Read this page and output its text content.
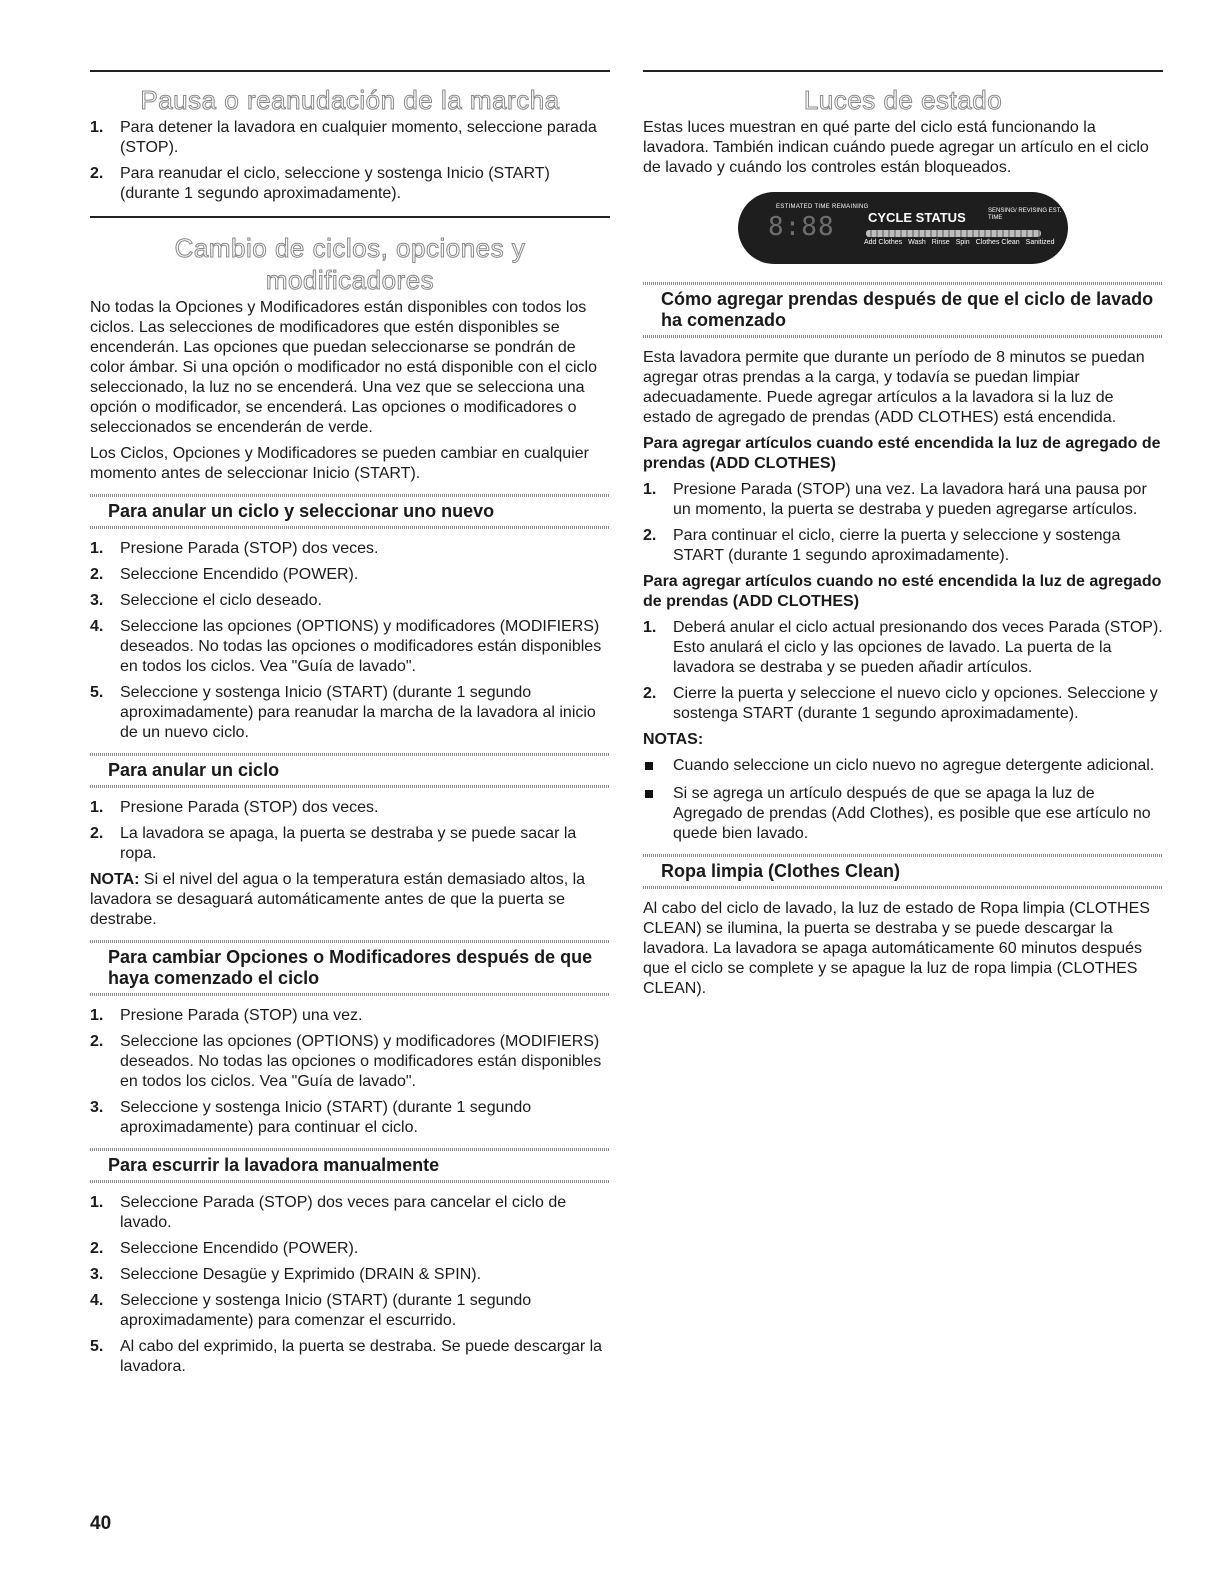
Pausa o reanudación de la marcha
1. Para detener la lavadora en cualquier momento, seleccione parada (STOP).
2. Para reanudar el ciclo, seleccione y sostenga Inicio (START) (durante 1 segundo aproximadamente).
Cambio de ciclos, opciones y
modificadores

No todas la Opciones y Modificadores están disponibles con todos los ciclos. Las selecciones de modificadores que estén disponibles se encenderán. Las opciones que puedan seleccionarse se pondrán de color ámbar. Si una opción o modificador no está disponible con el ciclo seleccionado, la luz no se encenderá. Una vez que se selecciona una opción o modificador, se encenderá. Las opciones o modificadores o seleccionados se encenderán de verde.

Los Ciclos, Opciones y Modificadores se pueden cambiar en cualquier momento antes de seleccionar Inicio (START).

Para anular un ciclo y seleccionar uno nuevo
1. Presione Parada (STOP) dos veces.
2. Seleccione Encendido (POWER).
3. Seleccione el ciclo deseado.
4. Seleccione las opciones (OPTIONS) y modificadores (MODIFIERS) deseados. No todas las opciones o modificadores están disponibles en todos los ciclos. Vea "Guía de lavado".
5. Seleccione y sostenga Inicio (START) (durante 1 segundo aproximadamente) para reanudar la marcha de la lavadora al inicio de un nuevo ciclo.
Para anular un ciclo
1. Presione Parada (STOP) dos veces.
2. La lavadora se apaga, la puerta se destraba y se puede sacar la ropa.

NOTA: Si el nivel del agua o la temperatura están demasiado altos, la lavadora se desaguará automáticamente antes de que la puerta se destrabe.

Para cambiar Opciones o Modificadores después de que haya comenzado el ciclo
1. Presione Parada (STOP) una vez.
2. Seleccione las opciones (OPTIONS) y modificadores (MODIFIERS) deseados. No todas las opciones o modificadores están disponibles en todos los ciclos. Vea "Guía de lavado".
3. Seleccione y sostenga Inicio (START) (durante 1 segundo aproximadamente) para continuar el ciclo.
Para escurrir la lavadora manualmente
1. Seleccione Parada (STOP) dos veces para cancelar el ciclo de lavado.
2. Seleccione Encendido (POWER).
3. Seleccione Desagüe y Exprimido (DRAIN & SPIN).
4. Seleccione y sostenga Inicio (START) (durante 1 segundo aproximadamente) para comenzar el escurrido.
5. Al cabo del exprimido, la puerta se destraba. Se puede descargar la lavadora.
Luces de estado

Estas luces muestran en qué parte del ciclo está funcionando la lavadora. También indican cuándo puede agregar un artículo en el ciclo de lavado y cuándo los controles están bloqueados.

ESTIMATED TIME REMAINING
8:88	CYCLE STATUS	SENSING/ REVISING EST. TIME
Add Clothes Wash Rinse Spin Clothes Clean Sanitized
Cómo agregar prendas después de que el ciclo de lavado ha comenzado

Esta lavadora permite que durante un período de 8 minutos se puedan agregar otras prendas a la carga, y todavía se puedan limpiar adecuadamente. Puede agregar artículos a la lavadora si la luz de estado de agregado de prendas (ADD CLOTHES) está encendida.

Para agregar artículos cuando esté encendida la luz de agregado de prendas (ADD CLOTHES)
1. Presione Parada (STOP) una vez. La lavadora hará una pausa por un momento, la puerta se destraba y pueden agregarse artículos.
2. Para continuar el ciclo, cierre la puerta y seleccione y sostenga START (durante 1 segundo aproximadamente).
Para agregar artículos cuando no esté encendida la luz de agregado de prendas (ADD CLOTHES)
1. Deberá anular el ciclo actual presionando dos veces Parada (STOP). Esto anulará el ciclo y las opciones de lavado. La puerta de la lavadora se destraba y se pueden añadir artículos.
2. Cierre la puerta y seleccione el nuevo ciclo y opciones. Seleccione y sostenga START (durante 1 segundo aproximadamente).
NOTAS:
Cuando seleccione un ciclo nuevo no agregue detergente adicional.
Si se agrega un artículo después de que se apaga la luz de Agregado de prendas (Add Clothes), es posible que ese artículo no quede bien lavado.
Ropa limpia (Clothes Clean)

Al cabo del ciclo de lavado, la luz de estado de Ropa limpia (CLOTHES CLEAN) se ilumina, la puerta se destraba y se puede descargar la lavadora. La lavadora se apaga automáticamente 60 minutos después que el ciclo se complete y se apague la luz de ropa limpia (CLOTHES CLEAN).

40
